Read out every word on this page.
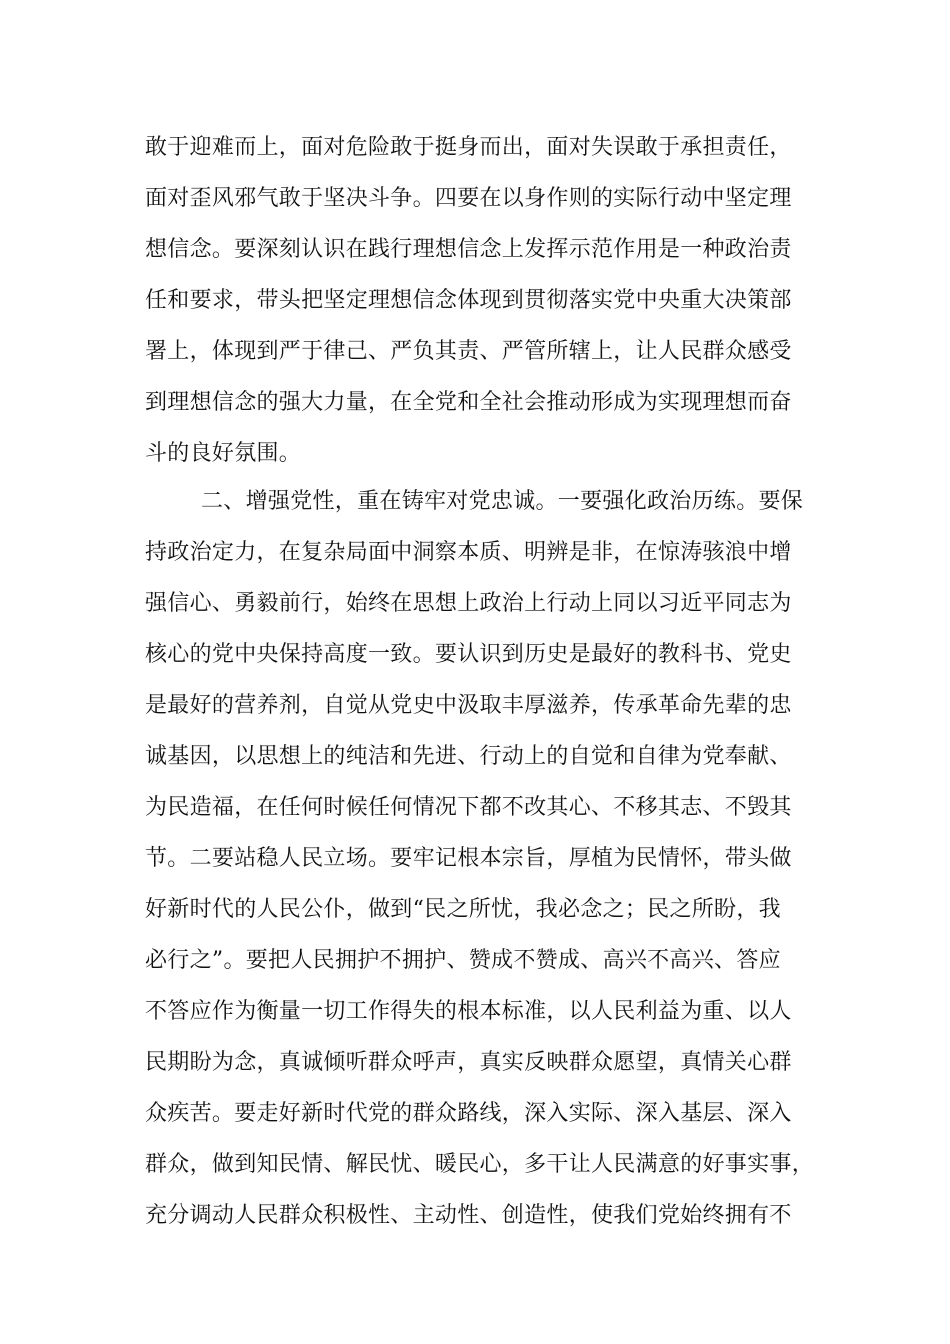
敢于迎难而上，面对危险敢于挺身而出，面对失误敢于承担责任，
面对歪风邪气敢于坚决斗争。四要在以身作则的实际行动中坚定理
想信念。要深刻认识在践行理想信念上发挥示范作用是一种政治责
任和要求，带头把坚定理想信念体现到贯彻落实党中央重大决策部
署上，体现到严于律己、严负其责、严管所辖上，让人民群众感受
到理想信念的强大力量，在全党和全社会推动形成为实现理想而奋
斗的良好氛围。
二、增强党性，重在铸牢对党忠诚。一要强化政治历练。要保
持政治定力，在复杂局面中洞察本质、明辨是非，在惊涛骇浪中增
强信心、勇毅前行，始终在思想上政治上行动上同以习近平同志为
核心的党中央保持高度一致。要认识到历史是最好的教科书、党史
是最好的营养剂，自觉从党史中汲取丰厚滋养，传承革命先辈的忠
诚基因，以思想上的纯洁和先进、行动上的自觉和自律为党奉献、
为民造福，在任何时候任何情况下都不改其心、不移其志、不毁其
节。二要站稳人民立场。要牢记根本宗旨，厚植为民情怀，带头做
好新时代的人民公仆，做到“民之所忧，我必念之；民之所盼，我
必行之”。要把人民拥护不拥护、赞成不赞成、高兴不高兴、答应
不答应作为衡量一切工作得失的根本标准，以人民利益为重、以人
民期盼为念，真诚倾听群众呼声，真实反映群众愿望，真情关心群
众疾苦。要走好新时代党的群众路线，深入实际、深入基层、深入
群众，做到知民情、解民忧、暖民心，多干让人民满意的好事实事，
充分调动人民群众积极性、主动性、创造性，使我们党始终拥有不
